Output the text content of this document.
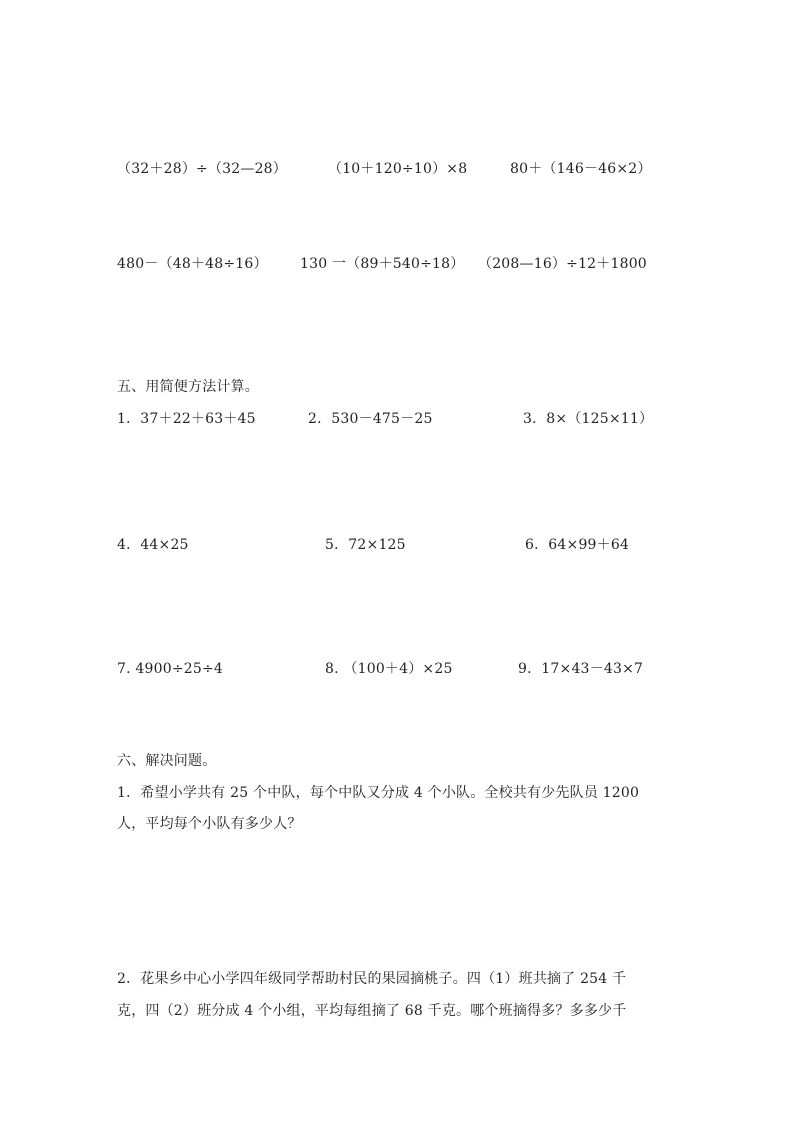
（32＋28）÷（32—28）	（10＋120÷10）×8	80＋（146－46×2）
480－（48＋48÷16） 130 一（89＋540÷18） （208—16）÷12＋1800
五、用简便方法计算。
1．37＋22＋63＋45	2．530－475－25	3．8×（125×11）
4．44×25	5．72×125	6．64×99＋64
7. 4900÷25÷4	8. （100＋4）×25	9．17×43－43×7
六、解决问题。
1．希望小学共有 25 个中队，每个中队又分成 4 个小队。全校共有少先队员 1200
人，平均每个小队有多少人？
2．花果乡中心小学四年级同学帮助村民的果园摘桃子。四（1）班共摘了 254 千
克，四（2）班分成 4 个小组，平均每组摘了 68 千克。哪个班摘得多？多多少千
